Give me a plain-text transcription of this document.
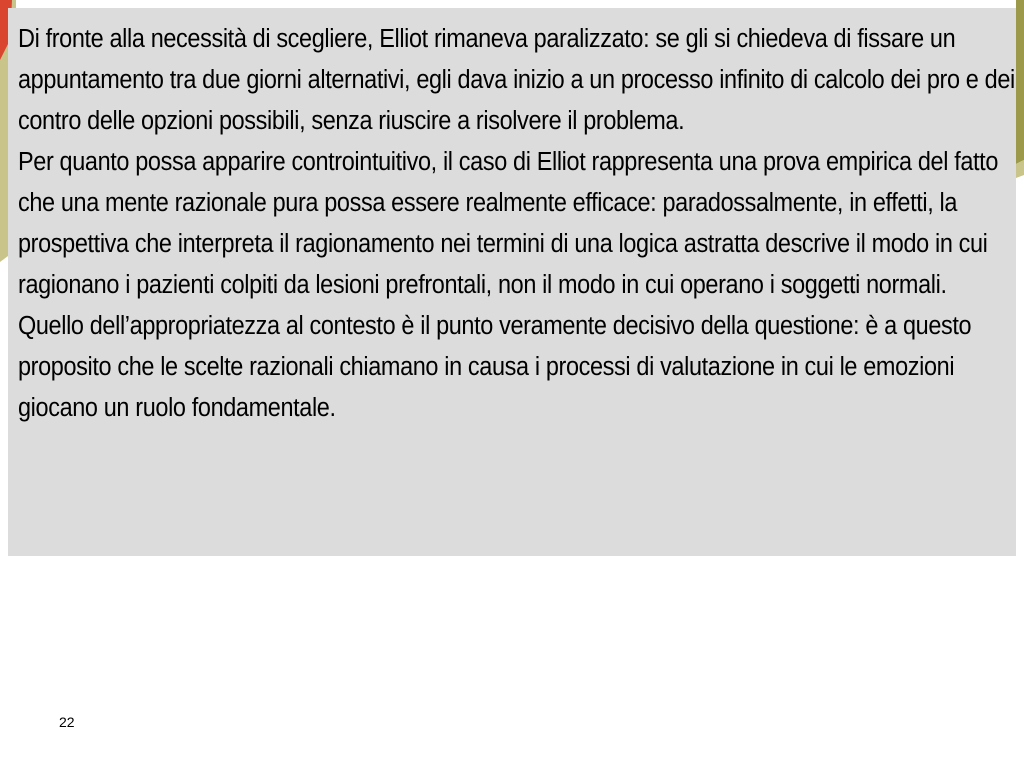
Di fronte alla necessità di scegliere, Elliot rimaneva paralizzato: se gli si chiedeva di fissare un appuntamento tra due giorni alternativi, egli dava inizio a un processo infinito di calcolo dei pro e dei contro delle opzioni possibili, senza riuscire a risolvere il problema.

Per quanto possa apparire controintuitivo, il caso di Elliot rappresenta una prova empirica del fatto che una mente razionale pura possa essere realmente efficace: paradossalmente, in effetti, la prospettiva che interpreta il ragionamento nei termini di una logica astratta descrive il modo in cui ragionano i pazienti colpiti da lesioni prefrontali, non il modo in cui operano i soggetti normali.

Quello dell’appropriatezza al contesto è il punto veramente decisivo della questione: è a questo proposito che le scelte razionali chiamano in causa i processi di valutazione in cui le emozioni giocano un ruolo fondamentale.

22
